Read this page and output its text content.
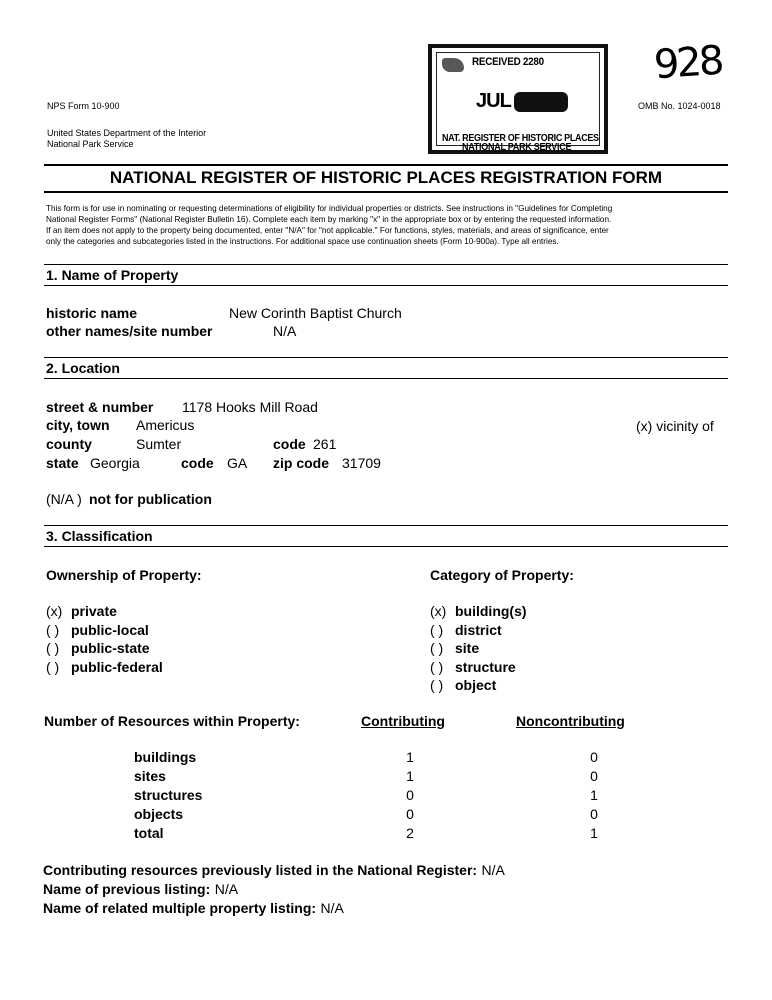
NPS Form 10-900
United States Department of the Interior
National Park Service
OMB No. 1024-0018
RECEIVED 2280
JUL
NAT. REGISTER OF HISTORIC PLACES
NATIONAL PARK SERVICE
928
NATIONAL REGISTER OF HISTORIC PLACES REGISTRATION FORM
This form is for use in nominating or requesting determinations of eligibility for individual properties or districts. See instructions in "Guidelines for Completing
National Register Forms" (National Register Bulletin 16). Complete each item by marking "x" in the appropriate box or by entering the requested information.
If an item does not apply to the property being documented, enter "N/A" for "not applicable." For functions, styles, materials, and areas of significance, enter
only the categories and subcategories listed in the instructions. For additional space use continuation sheets (Form 10-900a). Type all entries.
1. Name of Property
historic name	New Corinth Baptist Church
other names/site number	N/A
2. Location
street & number 1178 Hooks Mill Road
city, town Americus	(x) vicinity of
county	Sumter	code 261
state Georgia	code GA zip code 31709
(N/A ) not for publication
3. Classification
Ownership of Property:	Category of Property:
(x) private
( ) public-local
( ) public-state
( ) public-federal
(x) building(s)
( ) district
( ) site
( ) structure
( ) object
Number of Resources within Property:	Contributing	Noncontributing
buildings	1	0
sites	1	0
structures	0	1
objects	0	0
total	2	1
Contributing resources previously listed in the National Register: N/A
Name of previous listing: N/A
Name of related multiple property listing: N/A
